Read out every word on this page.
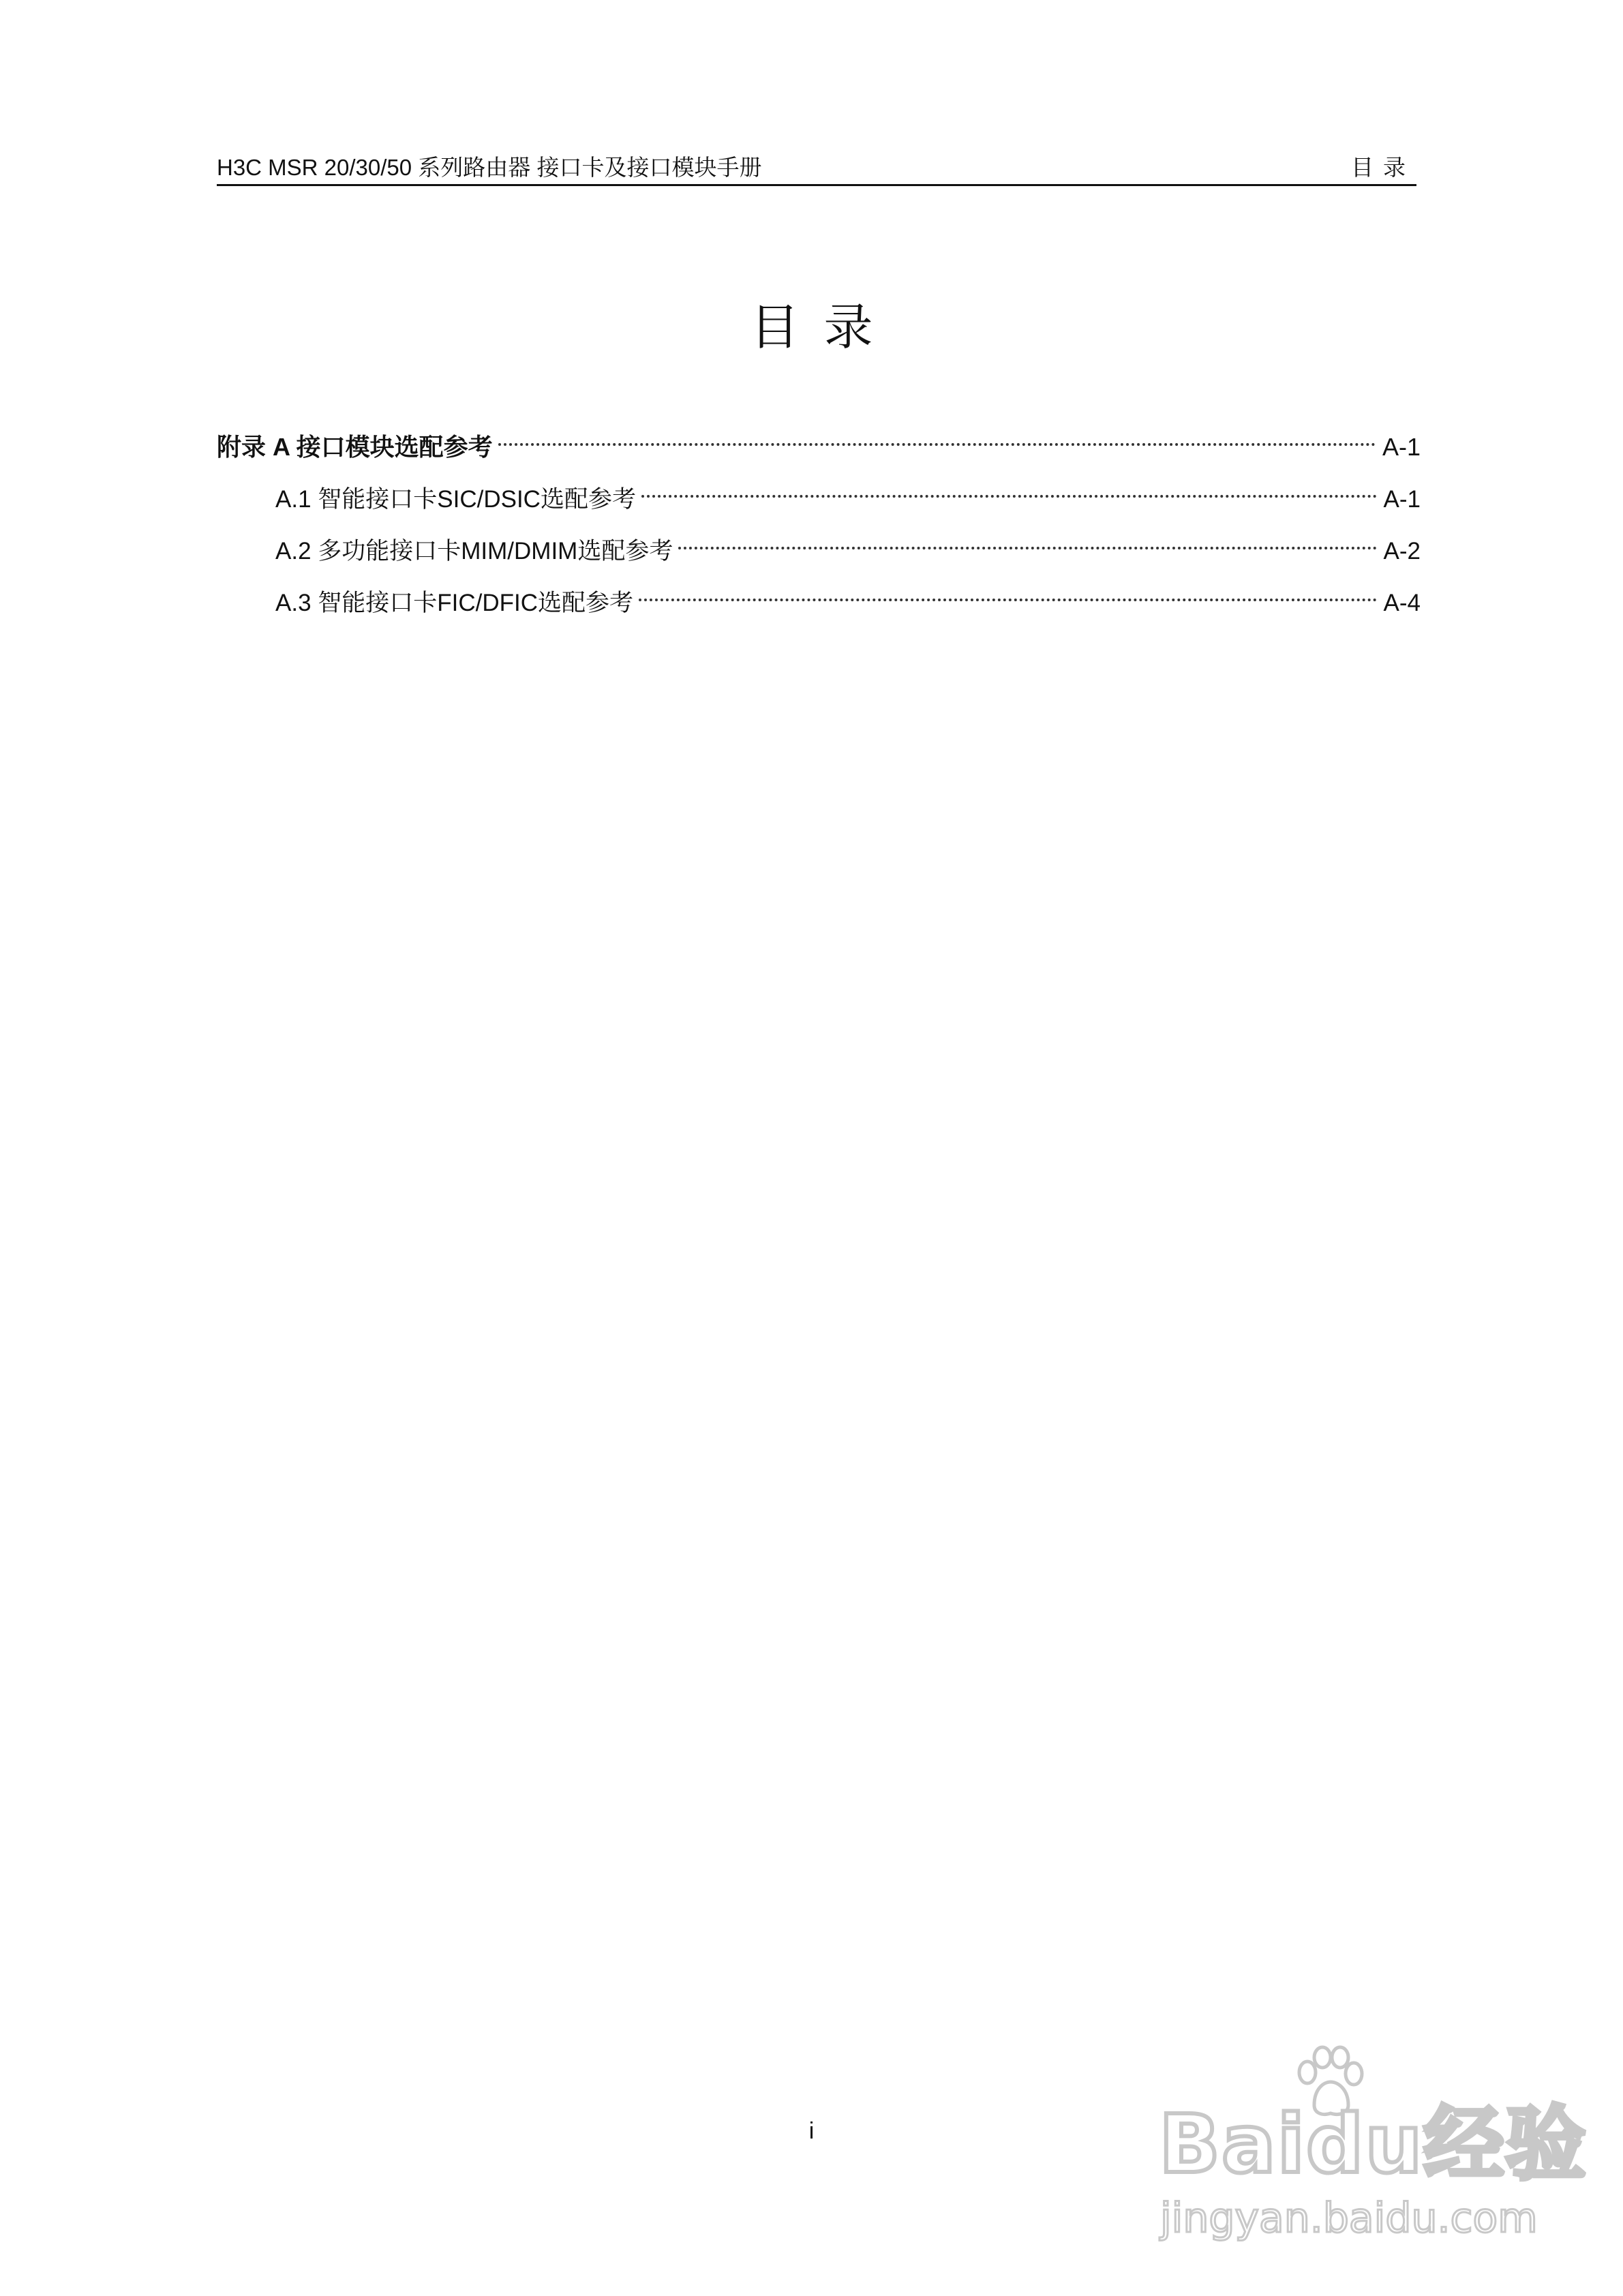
H3C MSR 20/30/50 系列路由器 接口卡及接口模块手册	目录
目录
附录 A 接口模块选配参考	A-1
A.1 智能接口卡SIC/DSIC选配参考	A-1
A.2 多功能接口卡MIM/DMIM选配参考	A-2
A.3 智能接口卡FIC/DFIC选配参考	A-4
i	Baidu经验
jingyan.baidu.com
